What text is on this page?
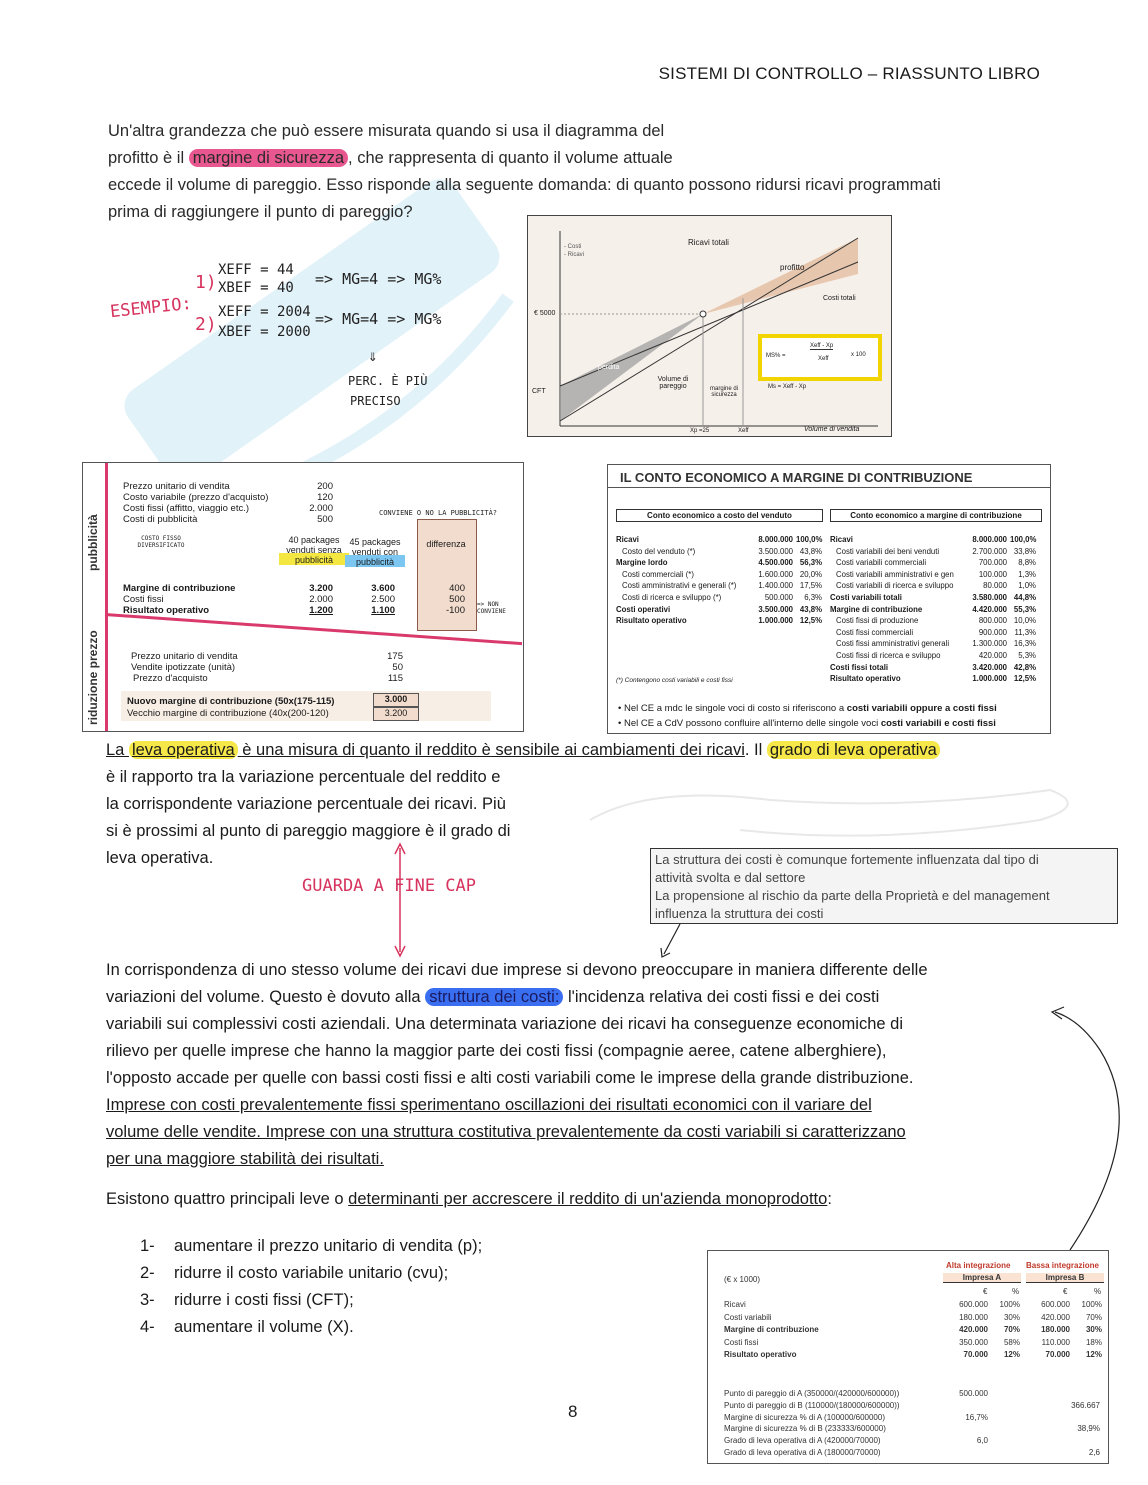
SISTEMI DI CONTROLLO – RIASSUNTO LIBRO
Un'altra grandezza che può essere misurata quando si usa il diagramma del
profitto è il margine di sicurezza , che rappresenta di quanto il volume attuale
eccede il volume di pareggio. Esso risponde alla seguente domanda: di quanto possono ridursi ricavi programmati
prima di raggiungere il punto di pareggio?
ESEMPIO:
1)
XEFF = 44
XBEF = 40 => MG=4 => MG%
2)
XEFF = 2004
XBEF = 2000
=> MG=4 => MG%
⇓
PERC. È PIÙ
PRECISO
- Costi
- Ricavi
Ricavi totali
profitto
Costi totali
€ 5000
CFT
perdita
Volume di pareggio	margine di sicurezza
Xp =25	Xeff	Volume di vendita
MS% =
Xeff - Xp
Xeff
x 100
Ms = Xeff - Xp
pubblicità
riduzione prezzo
Prezzo unitario di vendita	200
Costo variabile (prezzo d'acquisto)	120
Costi fissi (affitto, viaggio etc.)	2.000
Costi di pubblicità	500
COSTO FISSO DIVERSIFICATO
CONVIENE O NO LA PUBBLICITÀ?
40 packages venduti senza pubblicità
45 packages venduti con pubblicità
differenza
Margine di contribuzione	3.200	3.600	400
Costi fissi	2.000	2.500	500
Risultato operativo	1.200	1.100	-100
=> NON CONVIENE
Prezzo unitario di vendita	175
Vendite ipotizzate (unità)	50
Prezzo d'acquisto	115
Nuovo margine di contribuzione (50x(175-115)	3.000
Vecchio margine di contribuzione (40x(200-120)	3.200
IL CONTO ECONOMICO A MARGINE DI CONTRIBUZIONE
Conto economico a costo del venduto	Conto economico a margine di contribuzione
Ricavi	8.000.000 100,0%
Costo del venduto (*)	3.500.000 43,8%
Margine lordo	4.500.000 56,3%
Costi commerciali (*)	1.600.000 20,0%
Costi amministrativi e generali (*)	1.400.000 17,5%
Costi di ricerca e sviluppo (*)	500.000	6,3%
Costi operativi	3.500.000 43,8%
Risultato operativo	1.000.000 12,5%
Ricavi	8.000.000 100,0%
Costi variabili dei beni venduti	2.700.000 33,8%
Costi variabili commerciali	700.000	8,8%
Costi variabili amministrativi e gen	100.000	1,3%
Costi variabili di ricerca e sviluppo	80.000	1,0%
Costi variabili totali	3.580.000 44,8%
Margine di contribuzione	4.420.000 55,3%
Costi fissi di produzione	800.000 10,0%
Costi fissi commerciali	900.000 11,3%
Costi fissi amministrativi generali	1.300.000 16,3%
Costi fissi di ricerca e sviluppo	420.000	5,3%
Costi fissi totali	3.420.000 42,8%
Risultato operativo	1.000.000 12,5%
(*) Contengono costi variabili e costi fissi
• Nel CE a mdc le singole voci di costo si riferiscono a costi variabili oppure a costi fissi
• Nel CE a CdV possono confluire all'interno delle singole voci costi variabili e costi fissi
La leva operativa è una misura di quanto il reddito è sensibile ai cambiamenti dei ricavi. Il grado di leva operativa
è il rapporto tra la variazione percentuale del reddito e
la corrispondente variazione percentuale dei ricavi. Più
si è prossimi al punto di pareggio maggiore è il grado di
leva operativa.
GUARDA A FINE CAP
La struttura dei costi è comunque fortemente influenzata dal tipo di
attività svolta e dal settore
La propensione al rischio da parte della Proprietà e del management
influenza la struttura dei costi
In corrispondenza di uno stesso volume dei ricavi due imprese si devono preoccupare in maniera differente delle
variazioni del volume. Questo è dovuto alla struttura dei costi: l'incidenza relativa dei costi fissi e dei costi
variabili sui complessivi costi aziendali. Una determinata variazione dei ricavi ha conseguenze economiche di
rilievo per quelle imprese che hanno la maggior parte dei costi fissi (compagnie aeree, catene alberghiere),
l'opposto accade per quelle con bassi costi fissi e alti costi variabili come le imprese della grande distribuzione.
Imprese con costi prevalentemente fissi sperimentano oscillazioni dei risultati economici con il variare del
volume delle vendite. Imprese con una struttura costitutiva prevalentemente da costi variabili si caratterizzano
per una maggiore stabilità dei risultati.
Esistono quattro principali leve o determinanti per accrescere il reddito di un'azienda monoprodotto:
1- aumentare il prezzo unitario di vendita (p);
2- ridurre il costo variabile unitario (cvu);
3- ridurre i costi fissi (CFT);
4- aumentare il volume (X).
Alta integrazione Bassa integrazione
(€ x 1000)	Impresa A	Impresa B
€	%	€	%
Ricavi	600.000	100%	600.000	100%
Costi variabili	180.000	30%	420.000	70%
Margine di contribuzione	420.000	70%	180.000	30%
Costi fissi	350.000	58%	110.000	18%
Risultato operativo	70.000	12%	70.000	12%
Punto di pareggio di A (350000/(420000/600000))	500.000
Punto di pareggio di B (110000/(180000/600000))	366.667
Margine di sicurezza % di A (100000/600000)	16,7%
Margine di sicurezza % di B (233333/600000)	38,9%
Grado di leva operativa di A (420000/70000)	6,0
Grado di leva operativa di A (180000/70000)	2,6
8
